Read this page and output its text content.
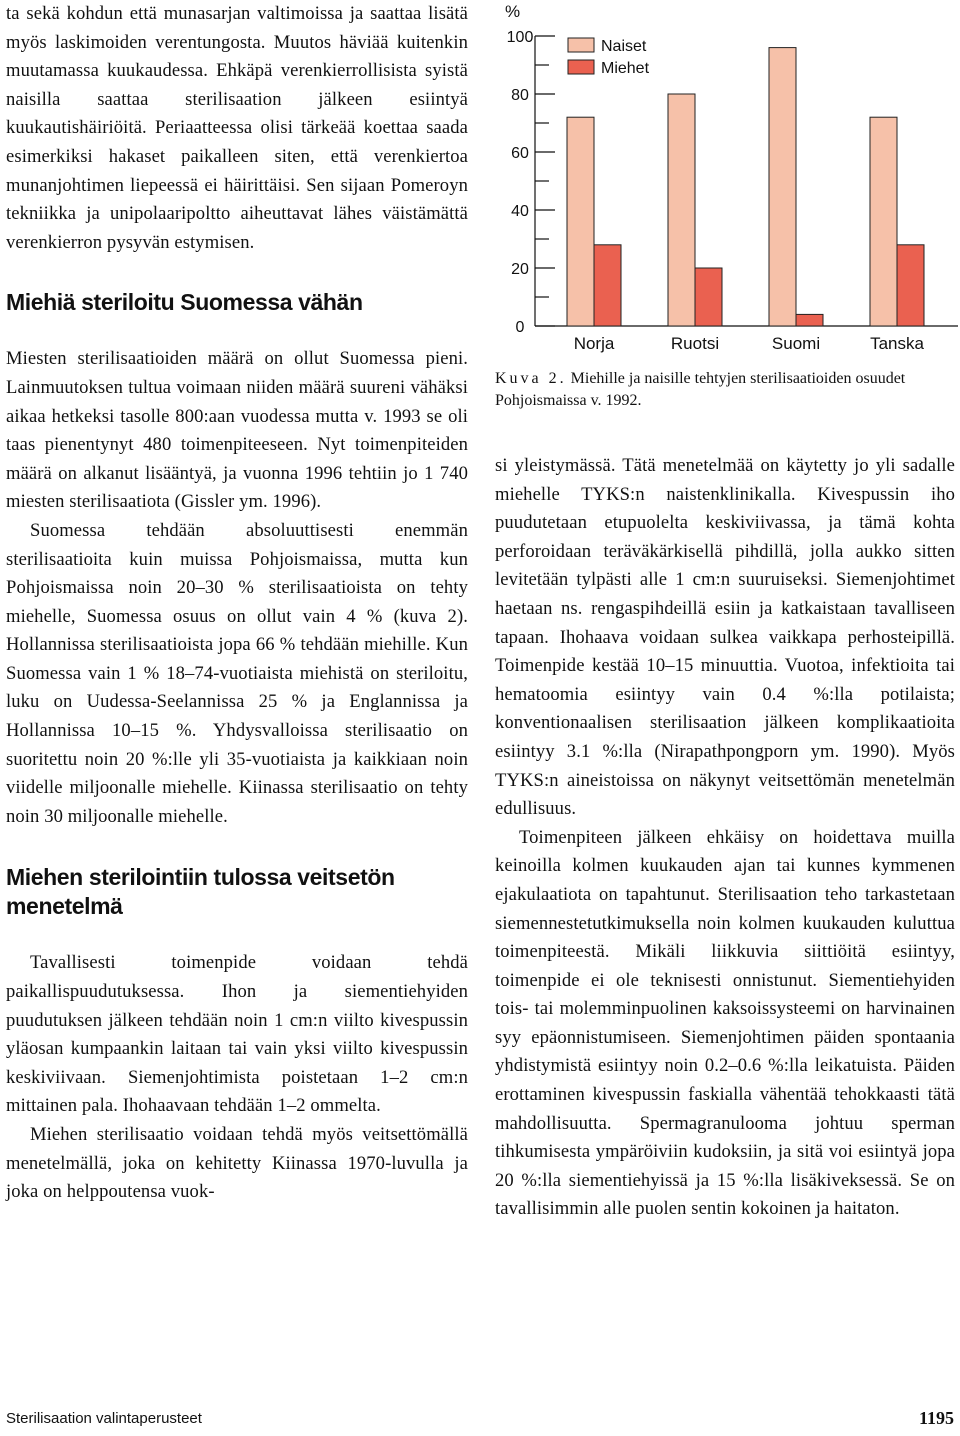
ta sekä kohdun että munasarjan valtimoissa ja saattaa lisätä myös laskimoiden verentungosta. Muutos häviää kuitenkin muutamassa kuukaudessa. Ehkäpä verenkierrollisista syistä naisilla saattaa sterilisaation jälkeen esiintyä kuukautishäiriöitä. Periaatteessa olisi tärkeää koettaa saada esimerkiksi hakaset paikalleen siten, että verenkiertoa munanjohtimen liepeessä ei häirittäisi. Sen sijaan Pomeroyn tekniikka ja unipolaaripoltto aiheuttavat lähes väistämättä verenkierron pysyvän estymisen.

Miehiä steriloitu Suomessa vähän

Miesten sterilisaatioiden määrä on ollut Suomessa pieni. Lainmuutoksen tultua voimaan niiden määrä suureni vähäksi aikaa hetkeksi tasolle 800:aan vuodessa mutta v. 1993 se oli taas pienentynyt 480 toimenpiteeseen. Nyt toimenpiteiden määrä on alkanut lisääntyä, ja vuonna 1996 tehtiin jo 1 740 miesten sterilisaatiota (Gissler ym. 1996).

Suomessa tehdään absoluuttisesti enemmän sterilisaatioita kuin muissa Pohjoismaissa, mutta kun Pohjoismaissa noin 20–30 % sterilisaatioista on tehty miehelle, Suomessa osuus on ollut vain 4 % (kuva 2). Hollannissa sterilisaatioista jopa 66 % tehdään miehille. Kun Suomessa vain 1 % 18–74-vuotiaista miehistä on steriloitu, luku on Uudessa-Seelannissa 25 % ja Englannissa ja Hollannissa 10–15 %. Yhdysvalloissa sterilisaatio on suoritettu noin 20 %:lle yli 35-vuotiaista ja kaikkiaan noin viidelle miljoonalle miehelle. Kiinassa sterilisaatio on tehty noin 30 miljoonalle miehelle.

Miehen sterilointiin tulossa veitsetön menetelmä

Tavallisesti toimenpide voidaan tehdä paikallispuudutuksessa. Ihon ja siementiehyiden puudutuksen jälkeen tehdään noin 1 cm:n viilto kivespussin yläosan kumpaankin laitaan tai vain yksi viilto kivespussin keskiviivaan. Siemenjohtimista poistetaan 1–2 cm:n mittainen pala. Ihohaavaan tehdään 1–2 ommelta.

Miehen sterilisaatio voidaan tehdä myös veitsettömällä menetelmällä, joka on kehitetty Kiinassa 1970-luvulla ja joka on helppoutensa vuok-

%
0
20
40
60
80
100
Norja	Ruotsi	Suomi	Tanska
Naiset
Miehet

Kuva 2. Miehille ja naisille tehtyjen sterilisaatioiden osuudet Pohjoismaissa v. 1992.

si yleistymässä. Tätä menetelmää on käytetty jo yli sadalle miehelle TYKS:n naistenklinikalla. Kivespussin iho puudutetaan etupuolelta keskiviivassa, ja tämä kohta perforoidaan teräväkärkisellä pihdillä, jolla aukko sitten levitetään tylpästi alle 1 cm:n suuruiseksi. Siemenjohtimet haetaan ns. rengaspihdeillä esiin ja katkaistaan tavalliseen tapaan. Ihohaava voidaan sulkea vaikkapa perhosteipillä. Toimenpide kestää 10–15 minuuttia. Vuotoa, infektioita tai hematoomia esiintyy vain 0.4 %:lla potilaista; konventionaalisen sterilisaation jälkeen komplikaatioita esiintyy 3.1 %:lla (Nirapathpongporn ym. 1990). Myös TYKS:n aineistoissa on näkynyt veitsettömän menetelmän edullisuus.

Toimenpiteen jälkeen ehkäisy on hoidettava muilla keinoilla kolmen kuukauden ajan tai kunnes kymmenen ejakulaatiota on tapahtunut. Sterilisaation teho tarkastetaan siemennestetutkimuksella noin kolmen kuukauden kuluttua toimenpiteestä. Mikäli liikkuvia siittiöitä esiintyy, toimenpide ei ole teknisesti onnistunut. Siementiehyiden tois- tai molemminpuolinen kaksoissysteemi on harvinainen syy epäonnistumiseen. Siemenjohtimen päiden spontaania yhdistymistä esiintyy noin 0.2–0.6 %:lla leikatuista. Päiden erottaminen kivespussin faskialla vähentää tehokkaasti tätä mahdollisuutta. Spermagranulooma johtuu sperman tihkumisesta ympäröiviin kudoksiin, ja sitä voi esiintyä jopa 20 %:lla siementiehyissä ja 15 %:lla lisäkiveksessä. Se on tavallisimmin alle puolen sentin kokoinen ja haitaton.

Sterilisaation valintaperusteet	1195
